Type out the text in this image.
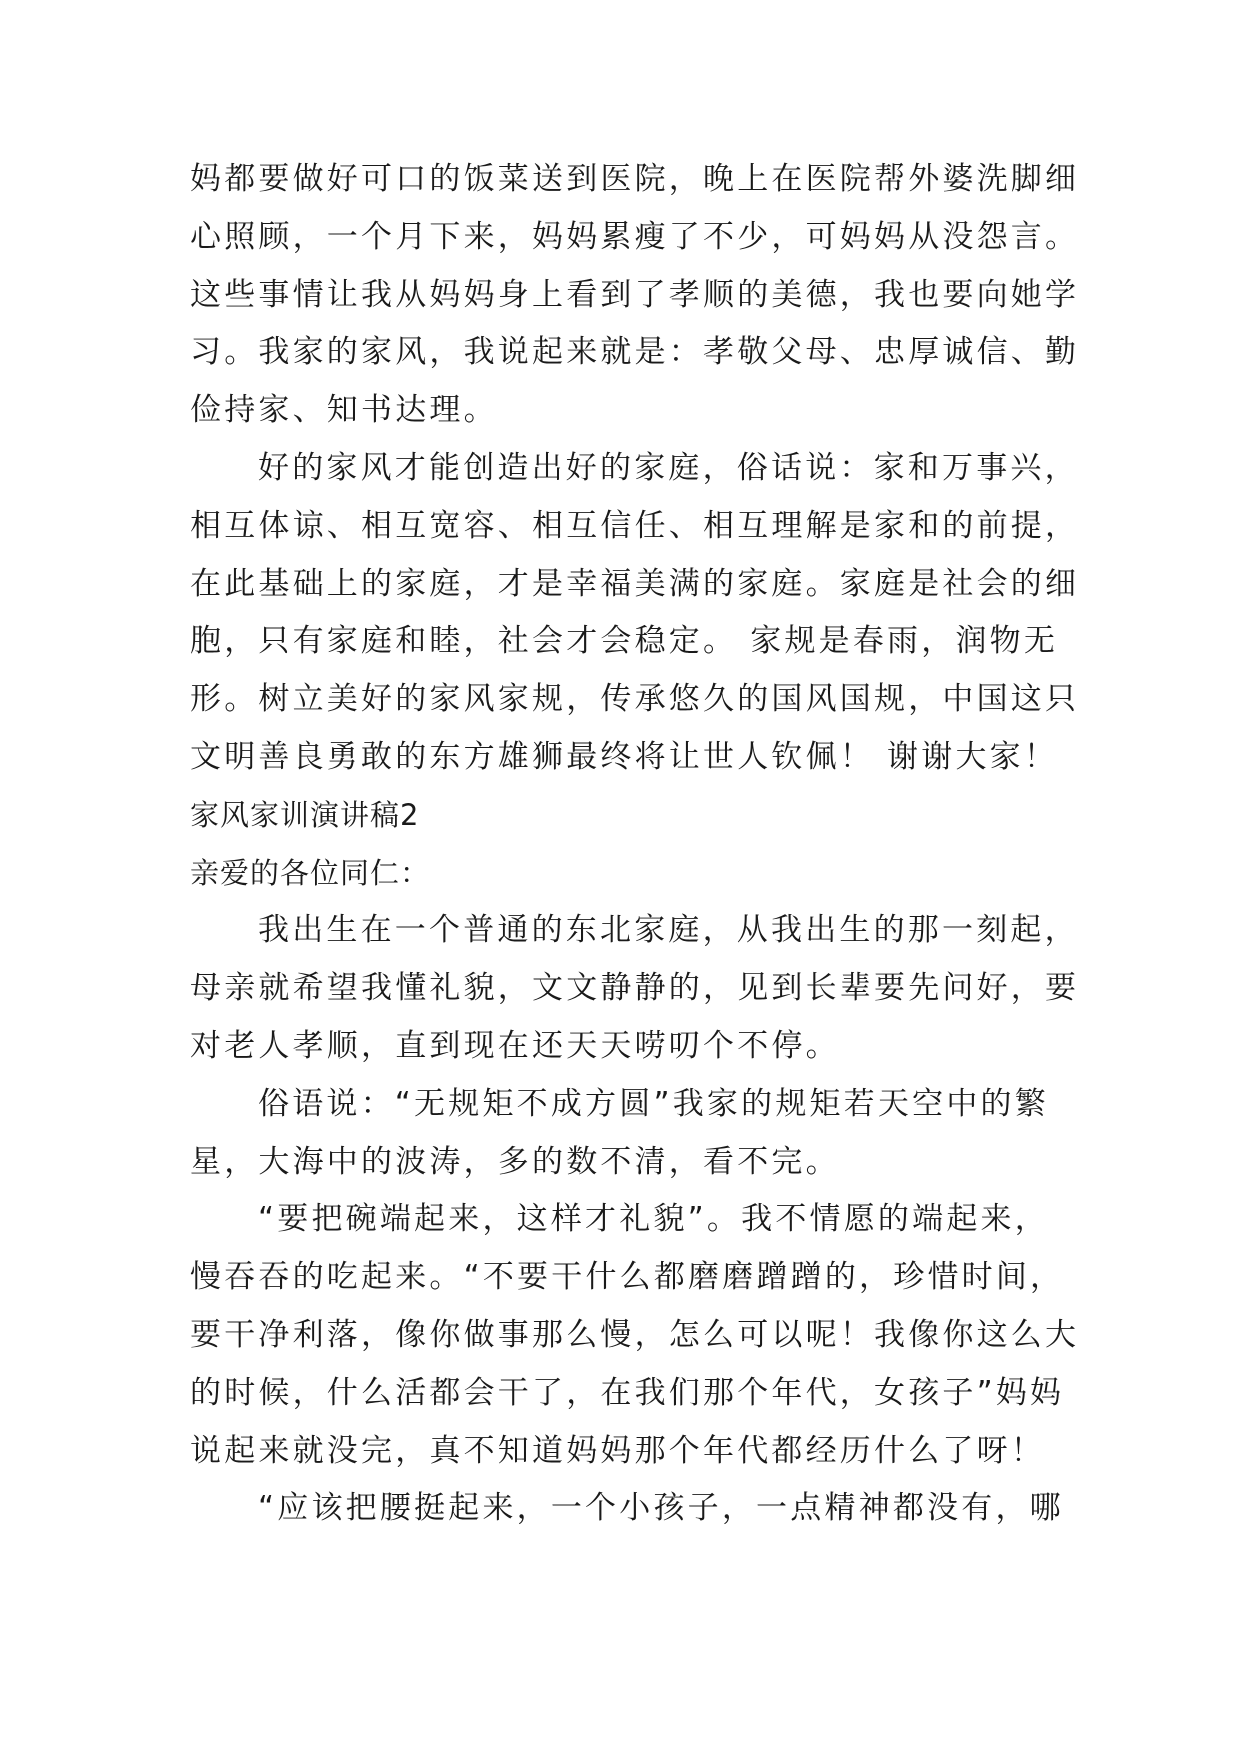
妈都要做好可口的饭菜送到医院，晚上在医院帮外婆洗脚细心照顾，一个月下来，妈妈累瘦了不少，可妈妈从没怨言。这些事情让我从妈妈身上看到了孝顺的美德，我也要向她学习。我家的家风，我说起来就是：孝敬父母、忠厚诚信、勤俭持家、知书达理。

好的家风才能创造出好的家庭，俗话说：家和万事兴，相互体谅、相互宽容、相互信任、相互理解是家和的前提，在此基础上的家庭，才是幸福美满的家庭。家庭是社会的细胞，只有家庭和睦，社会才会稳定。 家规是春雨，润物无形。树立美好的家风家规，传承悠久的国风国规，中国这只文明善良勇敢的东方雄狮最终将让世人钦佩！ 谢谢大家！

家风家训演讲稿2

亲爱的各位同仁：

我出生在一个普通的东北家庭，从我出生的那一刻起，母亲就希望我懂礼貌，文文静静的，见到长辈要先问好，要对老人孝顺，直到现在还天天唠叨个不停。

俗语说：“无规矩不成方圆”我家的规矩若天空中的繁星，大海中的波涛，多的数不清，看不完。

“要把碗端起来，这样才礼貌”。我不情愿的端起来，慢吞吞的吃起来。“不要干什么都磨磨蹭蹭的，珍惜时间，要干净利落，像你做事那么慢，怎么可以呢！我像你这么大的时候，什么活都会干了，在我们那个年代，女孩子”妈妈说起来就没完，真不知道妈妈那个年代都经历什么了呀！

“应该把腰挺起来，一个小孩子，一点精神都没有，哪
